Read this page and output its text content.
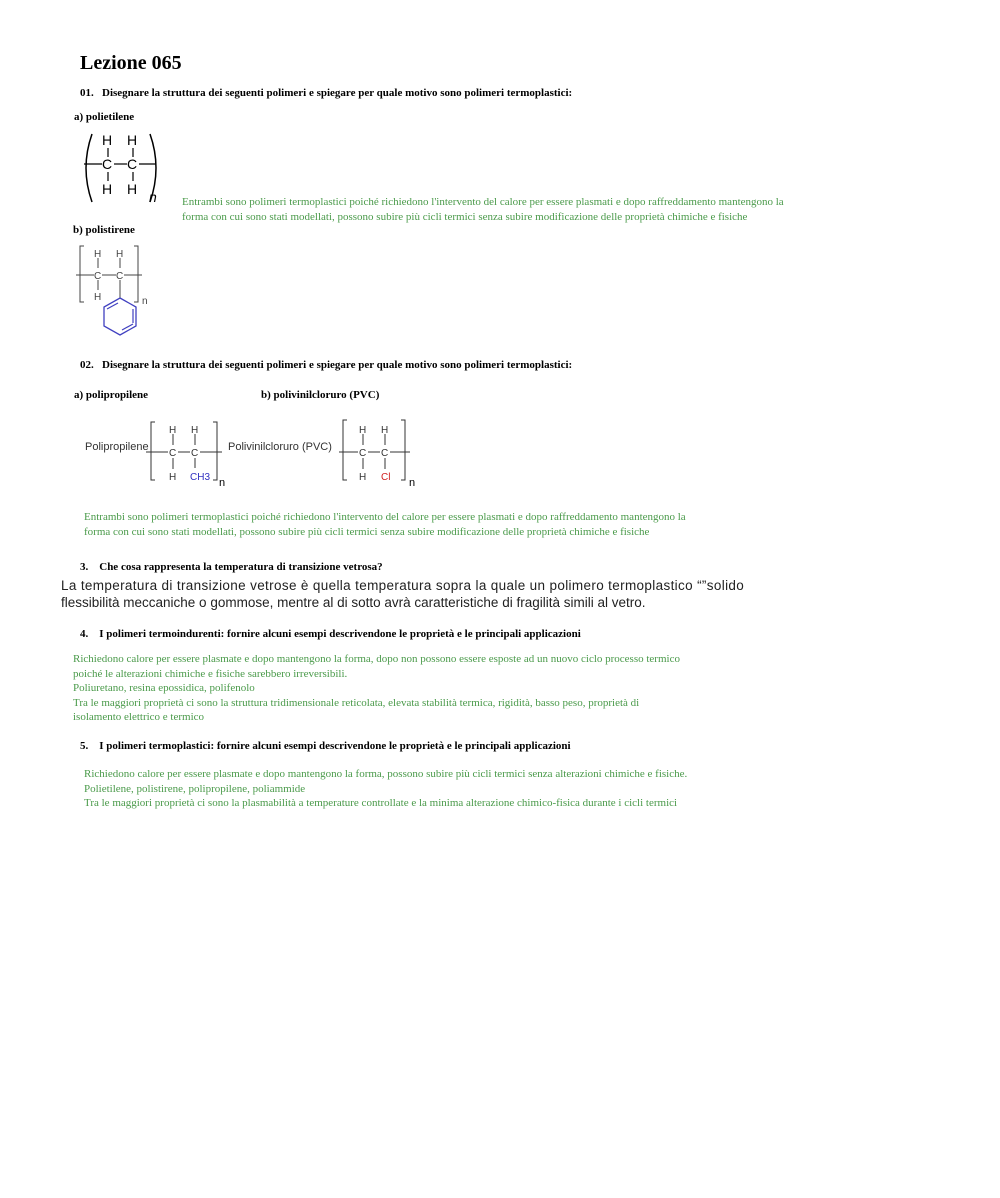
Lezione 065
01. Disegnare la struttura dei seguenti polimeri e spiegare per quale motivo sono polimeri termoplastici:
a) polietilene
H H
C C
H H n Entrambi sono polimeri termoplastici poiché richiedono l'intervento del calore per essere plasmati e dopo raffreddamento mantengono la
forma con cui sono stati modellati, possono subire più cicli termici senza subire modificazione delle proprietà chimiche e fisiche
b) polistirene
H H
C C
H	n
02. Disegnare la struttura dei seguenti polimeri e spiegare per quale motivo sono polimeri termoplastici:
a) polipropilene	b) polivinilcloruro (PVC)
Polipropilene
H H
C C
H CH3 n
Polivinilcloruro (PVC)
H H
C C
H Cl n
Entrambi sono polimeri termoplastici poiché richiedono l'intervento del calore per essere plasmati e dopo raffreddamento mantengono la
forma con cui sono stati modellati, possono subire più cicli termici senza subire modificazione delle proprietà chimiche e fisiche
3. Che cosa rappresenta la temperatura di transizione vetrosa?
La temperatura di transizione vetrose è quella temperatura sopra la quale un polimero termoplastico “”solido
flessibilità meccaniche o gommose, mentre al di sotto avrà caratteristiche di fragilità simili al vetro.
4. I polimeri termoindurenti: fornire alcuni esempi descrivendone le proprietà e le principali applicazioni
Richiedono calore per essere plasmate e dopo mantengono la forma, dopo non possono essere esposte ad un nuovo ciclo processo termico
poiché le alterazioni chimiche e fisiche sarebbero irreversibili.
Poliuretano, resina epossidica, polifenolo
Tra le maggiori proprietà ci sono la struttura tridimensionale reticolata, elevata stabilità termica, rigidità, basso peso, proprietà di
isolamento elettrico e termico
5. I polimeri termoplastici: fornire alcuni esempi descrivendone le proprietà e le principali applicazioni
Richiedono calore per essere plasmate e dopo mantengono la forma, possono subire più cicli termici senza alterazioni chimiche e fisiche.
Polietilene, polistirene, polipropilene, poliammide
Tra le maggiori proprietà ci sono la plasmabilità a temperature controllate e la minima alterazione chimico-fisica durante i cicli termici
